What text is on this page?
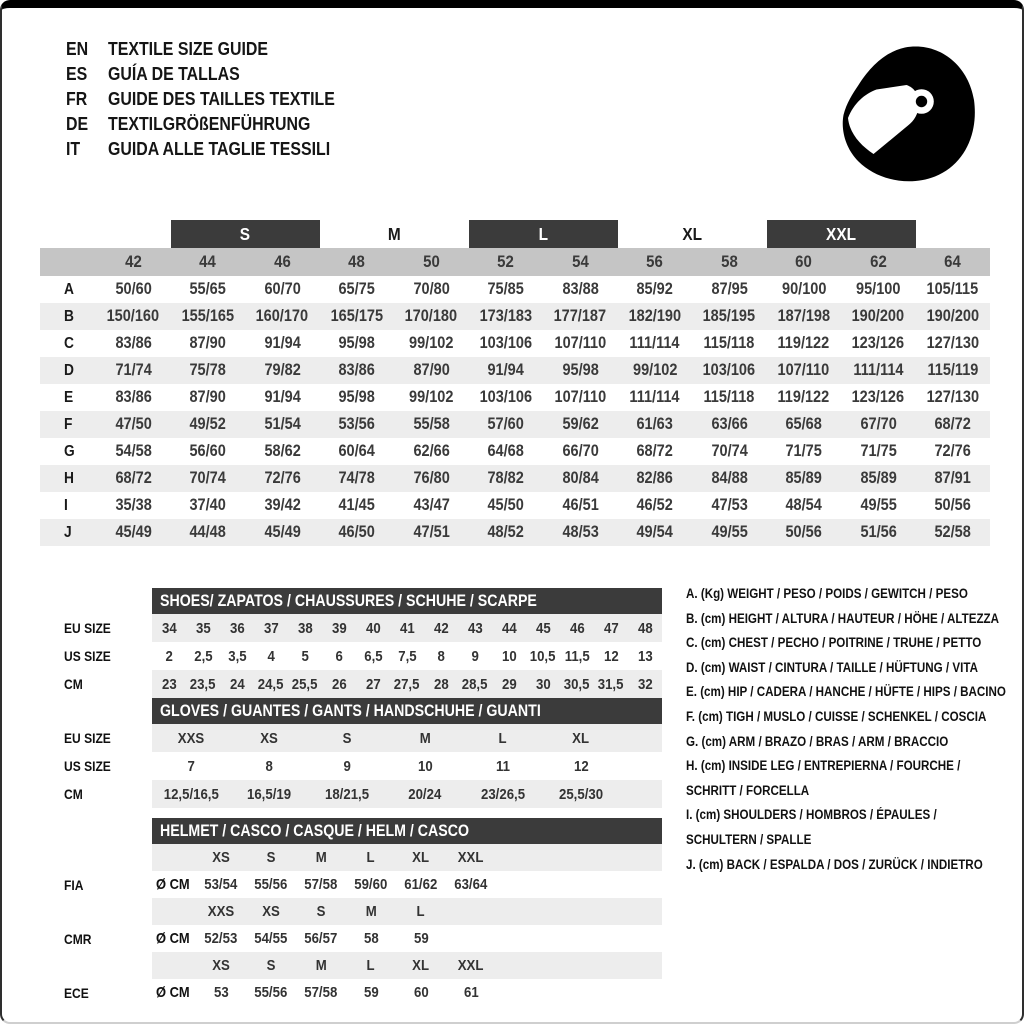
EN	TEXTILE SIZE GUIDE
ES	GUÍA DE TALLAS
FR	GUIDE DES TAILLES TEXTILE
DE	TEXTILGRÖßENFÜHRUNG
IT	GUIDA ALLE TAGLIE TESSILI
S	M	L	XL	XXL
42	44	46	48	50	52	54	56	58	60	62	64
A 50/60 55/65 60/70 65/75 70/80 75/85 83/88 85/92 87/95 90/100 95/100 105/115
B 150/160 155/165 160/170 165/175 170/180 173/183 177/187 182/190 185/195 187/198 190/200 190/200
C 83/86 87/90 91/94 95/98 99/102 103/106 107/110 111/114 115/118 119/122 123/126 127/130
D 71/74 75/78 79/82 83/86 87/90 91/94 95/98 99/102 103/106 107/110 111/114 115/119
E	83/86 87/90 91/94 95/98 99/102 103/106 107/110 111/114 115/118 119/122 123/126 127/130
F	47/50 49/52 51/54 53/56 55/58 57/60 59/62 61/63 63/66 65/68 67/70 68/72
G 54/58 56/60 58/62 60/64 62/66 64/68 66/70 68/72 70/74 71/75 71/75 72/76
H 68/72 70/74 72/76 74/78 76/80 78/82 80/84 82/86 84/88 85/89 85/89 87/91
I	35/38 37/40 39/42 41/45 43/47 45/50 46/51 46/52 47/53 48/54 49/55 50/56
J	45/49 44/48 45/49 46/50 47/51 48/52 48/53 49/54 49/55 50/56 51/56 52/58
SHOES/ ZAPATOS / CHAUSSURES / SCHUHE / SCARPE
EU SIZE	34 35 36 37 38 39 40 41 42 43 44 45 46 47 48
US SIZE	2 2,5 3,5 4 5 6 6,5 7,5 8 9 10 10,5 11,5 12 13
CM	23 23,5 24 24,5 25,5 26 27 27,5 28 28,5 29 30 30,5 31,5 32
GLOVES / GUANTES / GANTS / HANDSCHUHE / GUANTI
EU SIZE	XXS	XS	S	M	L	XL
US SIZE	7	8	9	10	11	12
CM	12,5/16,5 16,5/19 18/21,5	20/24	23/26,5 25,5/30
HELMET / CASCO / CASQUE / HELM / CASCO
XS S	M	L	XL XXL
FIA	Ø CM 53/54 55/56 57/58 59/60 61/62 63/64
XXS XS S	M	L
CMR	Ø CM 52/53 54/55 56/57 58 59
XS S	M	L	XL XXL
ECE	Ø CM 53 55/56 57/58 59 60 61
A. (Kg) WEIGHT / PESO / POIDS / GEWITCH / PESO
B. (cm) HEIGHT / ALTURA / HAUTEUR / HÖHE / ALTEZZA
C. (cm) CHEST / PECHO / POITRINE / TRUHE / PETTO
D. (cm) WAIST / CINTURA / TAILLE / HÜFTUNG / VITA
E. (cm) HIP / CADERA / HANCHE / HÜFTE / HIPS / BACINO
F. (cm) TIGH / MUSLO / CUISSE / SCHENKEL / COSCIA
G. (cm) ARM / BRAZO / BRAS / ARM / BRACCIO
H. (cm) INSIDE LEG / ENTREPIERNA / FOURCHE /
SCHRITT / FORCELLA
I. (cm) SHOULDERS / HOMBROS / ÉPAULES /
SCHULTERN / SPALLE
J. (cm) BACK / ESPALDA / DOS / ZURÜCK / INDIETRO
